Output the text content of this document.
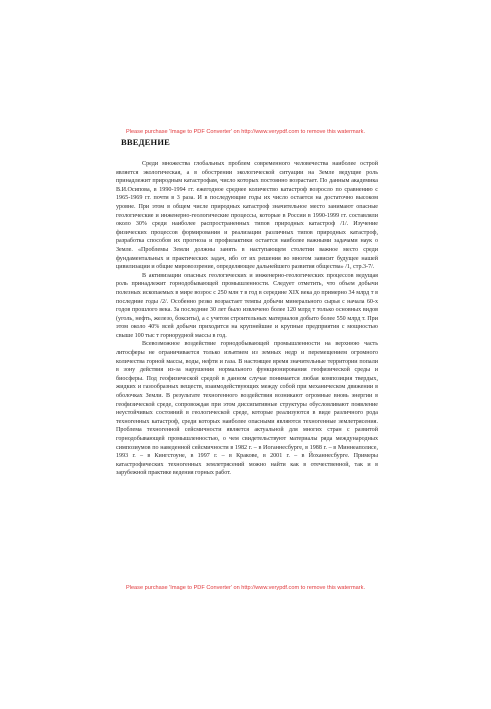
Please purchase 'Image to PDF Converter' on http://www.verypdf.com to remove this watermark.
ВВЕДЕНИЕ

Среди множества глобальных проблем современного человечества наиболее острой является экологическая, а в обострении экологической ситуации на Земле ведущие роль принадлежит природным катастрофам, число которых постоянно возрастает. По данным академика В.И.Осипова, в 1990-1994 гг. ежегодное среднее количество катастроф возросло по сравнению с 1965-1969 гг. почти в 3 раза. И в последующие годы их число остается на достаточно высоком уровне. При этом в общем числе природных катастроф значительное место занимают опасные геологические и инженерно-геологические процессы, которые в России в 1990-1999 гг. составляли около 30% среди наиболее распространенных типов природных катастроф /1/. Изучение физических процессов формирования и реализации различных типов природных катастроф, разработка способов их прогноза и профилактики остается наиболее важными задачами наук о Земле. «Проблемы Земли должны занять в наступающем столетии важное место среди фундаментальных и практических задач, ибо от их решения во многом зависит будущее нашей цивилизации и общие мировоззрение, определяющее дальнейшего развития общества» /1, стр.3-7/.

В активизации опасных геологических и инженерно-геологических процессов ведущая роль принадлежит горнодобывающей промышленности. Следует отметить, что объем добычи полезных ископаемых в мире возрос с 250 млн т в год в середине XIX века до примерно 34 млрд т в последние годы /2/. Особенно резко возрастает темпы добычи минерального сырья с начала 60-х годов прошлого века. За последние 30 лет было извлечено более 120 млрд т только основных видов (уголь, нефть, железо, бокситы), а с учетом строительных материалов добыто более 550 млрд т. При этом около 40% всей добычи приходится на крупнейшие и крупные предприятия с мощностью свыше 100 тыс т горнорудной массы в год.

Всевозможное воздействие горнодобывающей промышленности на верхнюю часть литосферы не ограничивается только изъятием из земных недр и перемещением огромного количества горной массы, воды, нефти и газа. В настоящее время значительные территории попали в зону действия из-за нарушения нормального функционирования геофизической среды и биосферы. Под геофизической средой в данном случае понимается любая композиция твердых, жидких и газообразных веществ, взаимодействующих между собой при механическом движении в оболочках Земли. В результате техногенного воздействия возникают огромные вновь энергии в геофизической среде, сопровождая при этом диссипативные структуры обусловливают появление неустойчивых состояний в геологической среде, которые реализуются в виде различного рода техногенных катастроф, среди которых наиболее опасными являются техногенные землетрясения. Проблема техногенной сейсмичности является актуальной для многих стран с развитой горнодобывающей промышленностью, о чем свидетельствуют материалы ряда международных симпозиумов по наведенной сейсмичности в 1982 г. – в Иоганнесбурге, в 1988 г. – в Миннеаполисе, 1993 г. – в Кингстоуне, в 1997 г. – в Кракове, в 2001 г. – в Йоханнесбурге. Примеры катастрофических техногенных землетрясений можно найти как в отечественной, так и в зарубежной практике ведения горных работ.

Please purchase 'Image to PDF Converter' on http://www.verypdf.com to remove this watermark.
